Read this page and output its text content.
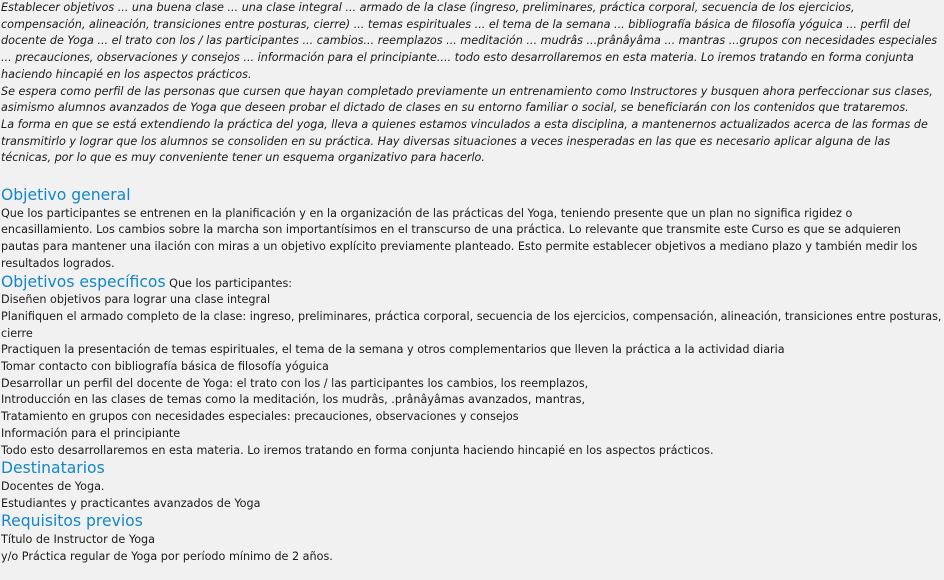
Establecer objetivos ... una buena clase ... una clase integral ... armado de la clase (ingreso, preliminares, práctica corporal, secuencia de los ejercicios, compensación, alineación, transiciones entre posturas, cierre) ... temas espirituales ... el tema de la semana ... bibliografía básica de filosofía yóguica ... perfil del docente de Yoga ... el trato con los / las participantes ... cambios... reemplazos ... meditación ... mudrâs ...prânâyâma ... mantras ...grupos con necesidades especiales ... precauciones, observaciones y consejos ... información para el principiante.... todo esto desarrollaremos en esta materia. Lo iremos tratando en forma conjunta haciendo hincapié en los aspectos prácticos.

Se espera como perfil de las personas que cursen que hayan completado previamente un entrenamiento como Instructores y busquen ahora perfeccionar sus clases, asimismo alumnos avanzados de Yoga que deseen probar el dictado de clases en su entorno familiar o social, se beneficiarán con los contenidos que trataremos.

La forma en que se está extendiendo la práctica del yoga, lleva a quienes estamos vinculados a esta disciplina, a mantenernos actualizados acerca de las formas de transmitirlo y lograr que los alumnos se consoliden en su práctica. Hay diversas situaciones a veces inesperadas en las que es necesario aplicar alguna de las técnicas, por lo que es muy conveniente tener un esquema organizativo para hacerlo.

Objetivo general

Que los participantes se entrenen en la planificación y en la organización de las prácticas del Yoga, teniendo presente que un plan no significa rigidez o encasillamiento. Los cambios sobre la marcha son importantísimos en el transcurso de una práctica. Lo relevante que transmite este Curso es que se adquieren pautas para mantener una ilación con miras a un objetivo explícito previamente planteado. Esto permite establecer objetivos a mediano plazo y también medir los resultados logrados.

Objetivos específicos Que los participantes:

Diseñen objetivos para lograr una clase integral

Planifiquen el armado completo de la clase: ingreso, preliminares, práctica corporal, secuencia de los ejercicios, compensación, alineación, transiciones entre posturas, cierre

Practiquen la presentación de temas espirituales, el tema de la semana y otros complementarios que lleven la práctica a la actividad diaria

Tomar contacto con bibliografía básica de filosofía yóguica

Desarrollar un perfil del docente de Yoga: el trato con los / las participantes los cambios, los reemplazos,

Introducción en las clases de temas como la meditación, los mudrâs, .prânâyâmas avanzados, mantras,

Tratamiento en grupos con necesidades especiales: precauciones, observaciones y consejos

Información para el principiante

Todo esto desarrollaremos en esta materia. Lo iremos tratando en forma conjunta haciendo hincapié en los aspectos prácticos.

Destinatarios

Docentes de Yoga.

Estudiantes y practicantes avanzados de Yoga

Requisitos previos

Título de Instructor de Yoga

y/o Práctica regular de Yoga por período mínimo de 2 años.
